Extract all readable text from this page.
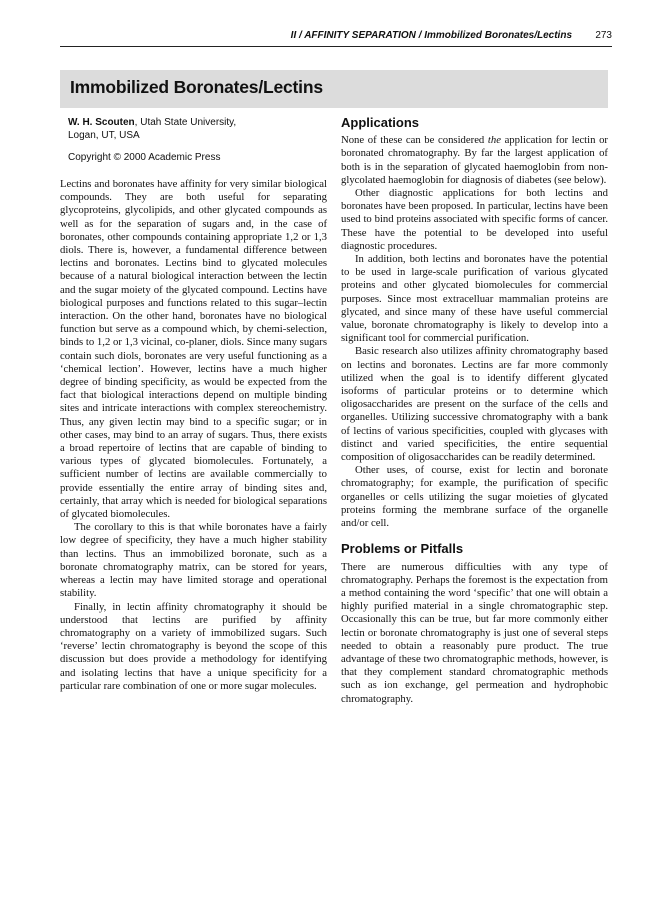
II / AFFINITY SEPARATION / Immobilized Boronates/Lectins 273
Immobilized Boronates/Lectins
W. H. Scouten, Utah State University,
Logan, UT, USA
Copyright © 2000 Academic Press

Lectins and boronates have affinity for very similar biological compounds. They are both useful for separating glycoproteins, glycolipids, and other glycated compounds as well as for the separation of sugars and, in the case of boronates, other compounds containing appropriate 1,2 or 1,3 diols. There is, however, a fundamental difference between lectins and boronates. Lectins bind to glycated molecules because of a natural biological interaction between the lectin and the sugar moiety of the glycated compound. Lectins have biological purposes and functions related to this sugar–lectin interaction. On the other hand, boronates have no biological function but serve as a compound which, by chemi-selection, binds to 1,2 or 1,3 vicinal, co-planer, diols. Since many sugars contain such diols, boronates are very useful functioning as a ‘chemical lection’. However, lectins have a much higher degree of binding specificity, as would be expected from the fact that biological interactions depend on multiple binding sites and intricate interactions with complex stereochemistry. Thus, any given lectin may bind to a specific sugar; or in other cases, may bind to an array of sugars. Thus, there exists a broad repertoire of lectins that are capable of binding to various types of glycated biomolecules. Fortunately, a sufficient number of lectins are available commercially to provide essentially the entire array of binding sites and, certainly, that array which is needed for biological separations of glycated biomolecules.

The corollary to this is that while boronates have a fairly low degree of specificity, they have a much higher stability than lectins. Thus an immobilized boronate, such as a boronate chromatography matrix, can be stored for years, whereas a lectin may have limited storage and operational stability.

Finally, in lectin affinity chromatography it should be understood that lectins are purified by affinity chromatography on a variety of immobilized sugars. Such ‘reverse’ lectin chromatography is beyond the scope of this discussion but does provide a methodology for identifying and isolating lectins that have a unique specificity for a particular rare combination of one or more sugar molecules.

Applications

None of these can be considered the application for lectin or boronated chromatography. By far the largest application of both is in the separation of glycated haemoglobin from non-glycolated haemoglobin for diagnosis of diabetes (see below).

Other diagnostic applications for both lectins and boronates have been proposed. In particular, lectins have been used to bind proteins associated with specific forms of cancer. These have the potential to be developed into useful diagnostic procedures.

In addition, both lectins and boronates have the potential to be used in large-scale purification of various glycated proteins and other glycated biomolecules for commercial purposes. Since most extracelluar mammalian proteins are glycated, and since many of these have useful commercial value, boronate chromatography is likely to develop into a significant tool for commercial purification.

Basic research also utilizes affinity chromatography based on lectins and boronates. Lectins are far more commonly utilized when the goal is to identify different glycated isoforms of particular proteins or to determine which oligosaccharides are present on the surface of the cells and organelles. Utilizing successive chromatography with a bank of lectins of various specificities, coupled with glycases with distinct and varied specificities, the entire sequential composition of oligosaccharides can be readily determined.

Other uses, of course, exist for lectin and boronate chromatography; for example, the purification of specific organelles or cells utilizing the sugar moieties of glycated proteins forming the membrane surface of the organelle and/or cell.

Problems or Pitfalls

There are numerous difficulties with any type of chromatography. Perhaps the foremost is the expectation from a method containing the word ‘specific’ that one will obtain a highly purified material in a single chromatographic step. Occasionally this can be true, but far more commonly either lectin or boronate chromatography is just one of several steps needed to obtain a reasonably pure product. The true advantage of these two chromatographic methods, however, is that they complement standard chromatographic methods such as ion exchange, gel permeation and hydrophobic chromatography.
